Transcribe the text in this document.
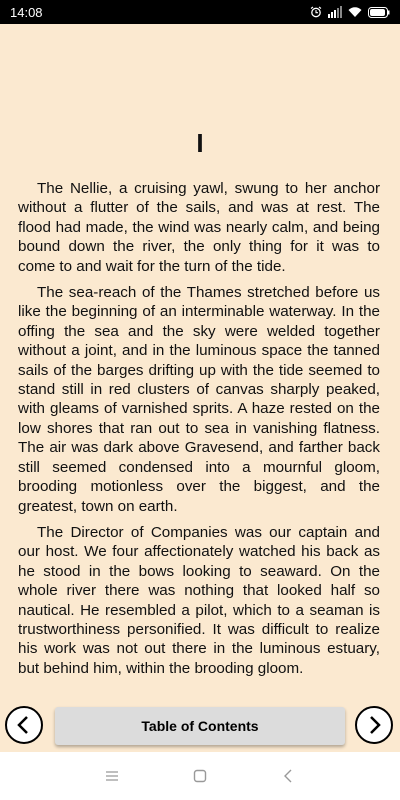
14:08
I

The Nellie, a cruising yawl, swung to her anchor without a flutter of the sails, and was at rest. The flood had made, the wind was nearly calm, and being bound down the river, the only thing for it was to come to and wait for the turn of the tide.

The sea-reach of the Thames stretched before us like the beginning of an interminable waterway. In the offing the sea and the sky were welded together without a joint, and in the luminous space the tanned sails of the barges drifting up with the tide seemed to stand still in red clusters of canvas sharply peaked, with gleams of varnished sprits. A haze rested on the low shores that ran out to sea in vanishing flatness. The air was dark above Gravesend, and farther back still seemed condensed into a mournful gloom, brooding motionless over the biggest, and the greatest, town on earth.

The Director of Companies was our captain and our host. We four affectionately watched his back as he stood in the bows looking to seaward. On the whole river there was nothing that looked half so nautical. He resembled a pilot, which to a seaman is trustworthiness personified. It was difficult to realize his work was not out there in the luminous estuary, but behind him, within the brooding gloom.

Table of Contents
